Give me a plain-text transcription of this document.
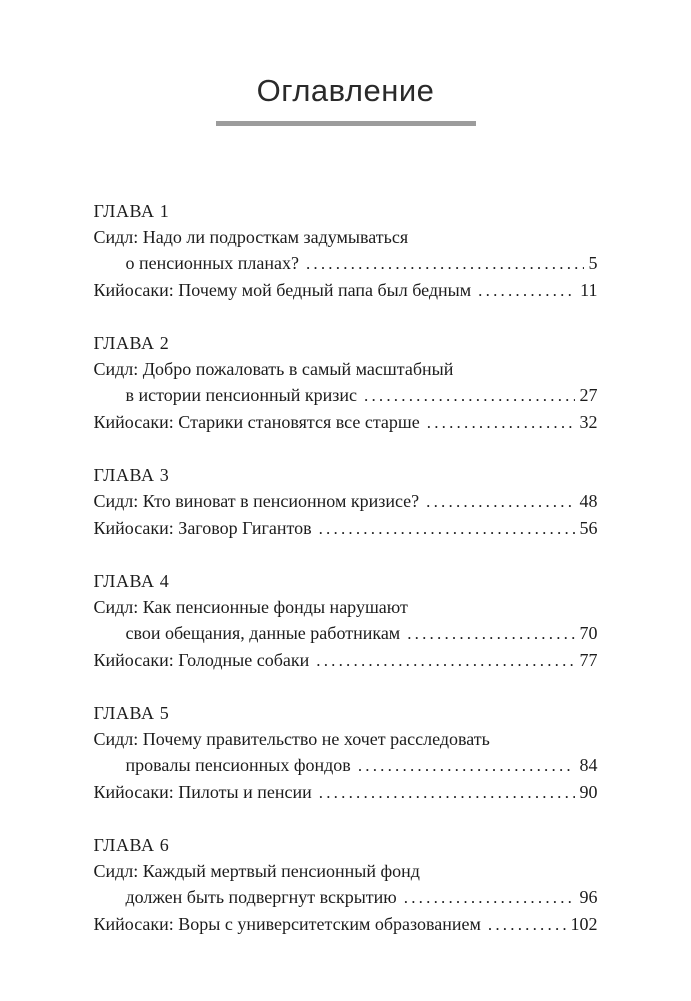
Оглавление
ГЛАВА 1
Сидл: Надо ли подросткам задумываться
о пенсионных планах? .....	5
Кийосаки: Почему мой бедный папа был бедным .....	11
ГЛАВА 2
Сидл: Добро пожаловать в самый масштабный
в истории пенсионный кризис .....	27
Кийосаки: Старики становятся все старше .....	32
ГЛАВА 3
Сидл: Кто виноват в пенсионном кризисе? .....	48
Кийосаки: Заговор Гигантов .....	56
ГЛАВА 4
Сидл: Как пенсионные фонды нарушают
свои обещания, данные работникам .....	70
Кийосаки: Голодные собаки .....	77
ГЛАВА 5
Сидл: Почему правительство не хочет расследовать
провалы пенсионных фондов .....	84
Кийосаки: Пилоты и пенсии .....	90
ГЛАВА 6
Сидл: Каждый мертвый пенсионный фонд
должен быть подвергнут вскрытию .....	96
Кийосаки: Воры с университетским образованием .....	102
